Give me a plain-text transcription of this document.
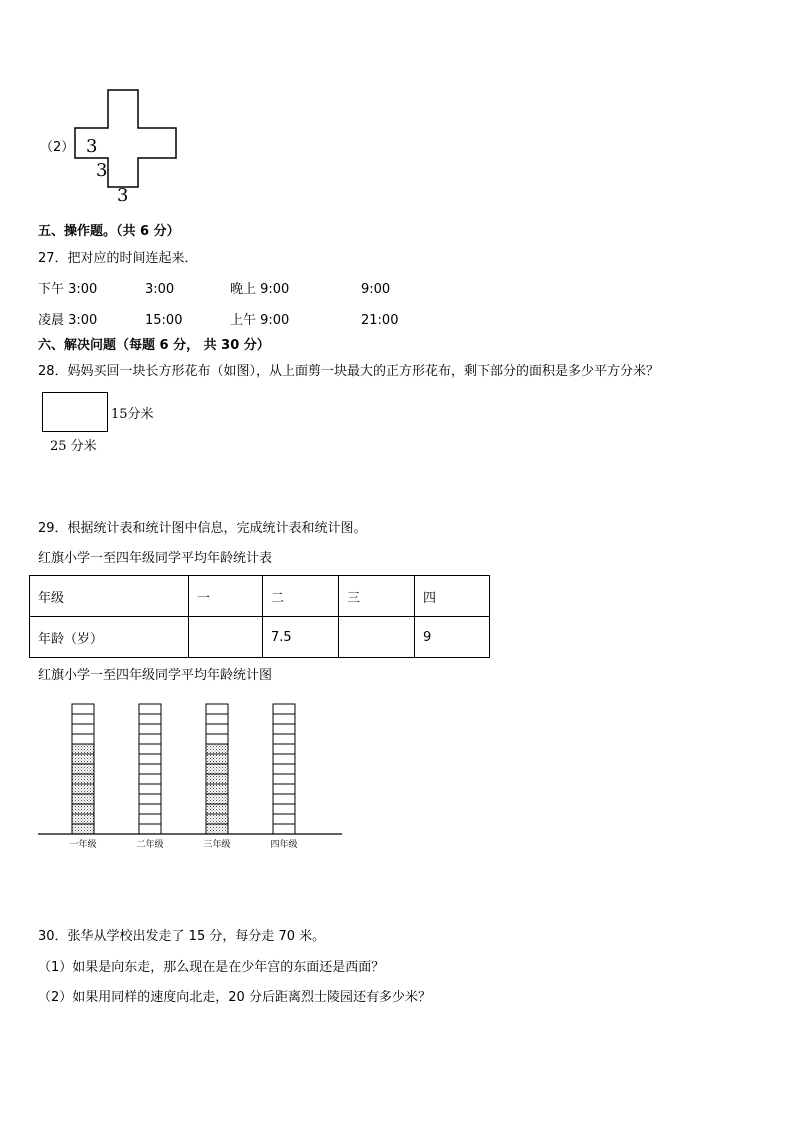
（2） 3
3
3
五、操作题。（共 6 分）
27．把对应的时间连起来．
下午 3:00	3:00	晚上 9:00	9:00
凌晨 3:00	15:00	上午 9:00	21:00
六、解决问题（每题 6 分， 共 30 分）
28．妈妈买回一块长方形花布（如图），从上面剪一块最大的正方形花布，剩下部分的面积是多少平方分米？
15分米
25 分米
29．根据统计表和统计图中信息，完成统计表和统计图。
红旗小学一至四年级同学平均年龄统计表
年级	一	二	三	四
年龄（岁）		7.5		9
红旗小学一至四年级同学平均年龄统计图
一年级	二年级	三年级	四年级
30．张华从学校出发走了 15 分，每分走 70 米。
（1）如果是向东走，那么现在是在少年宫的东面还是西面？
（2）如果用同样的速度向北走，20 分后距离烈士陵园还有多少米？
